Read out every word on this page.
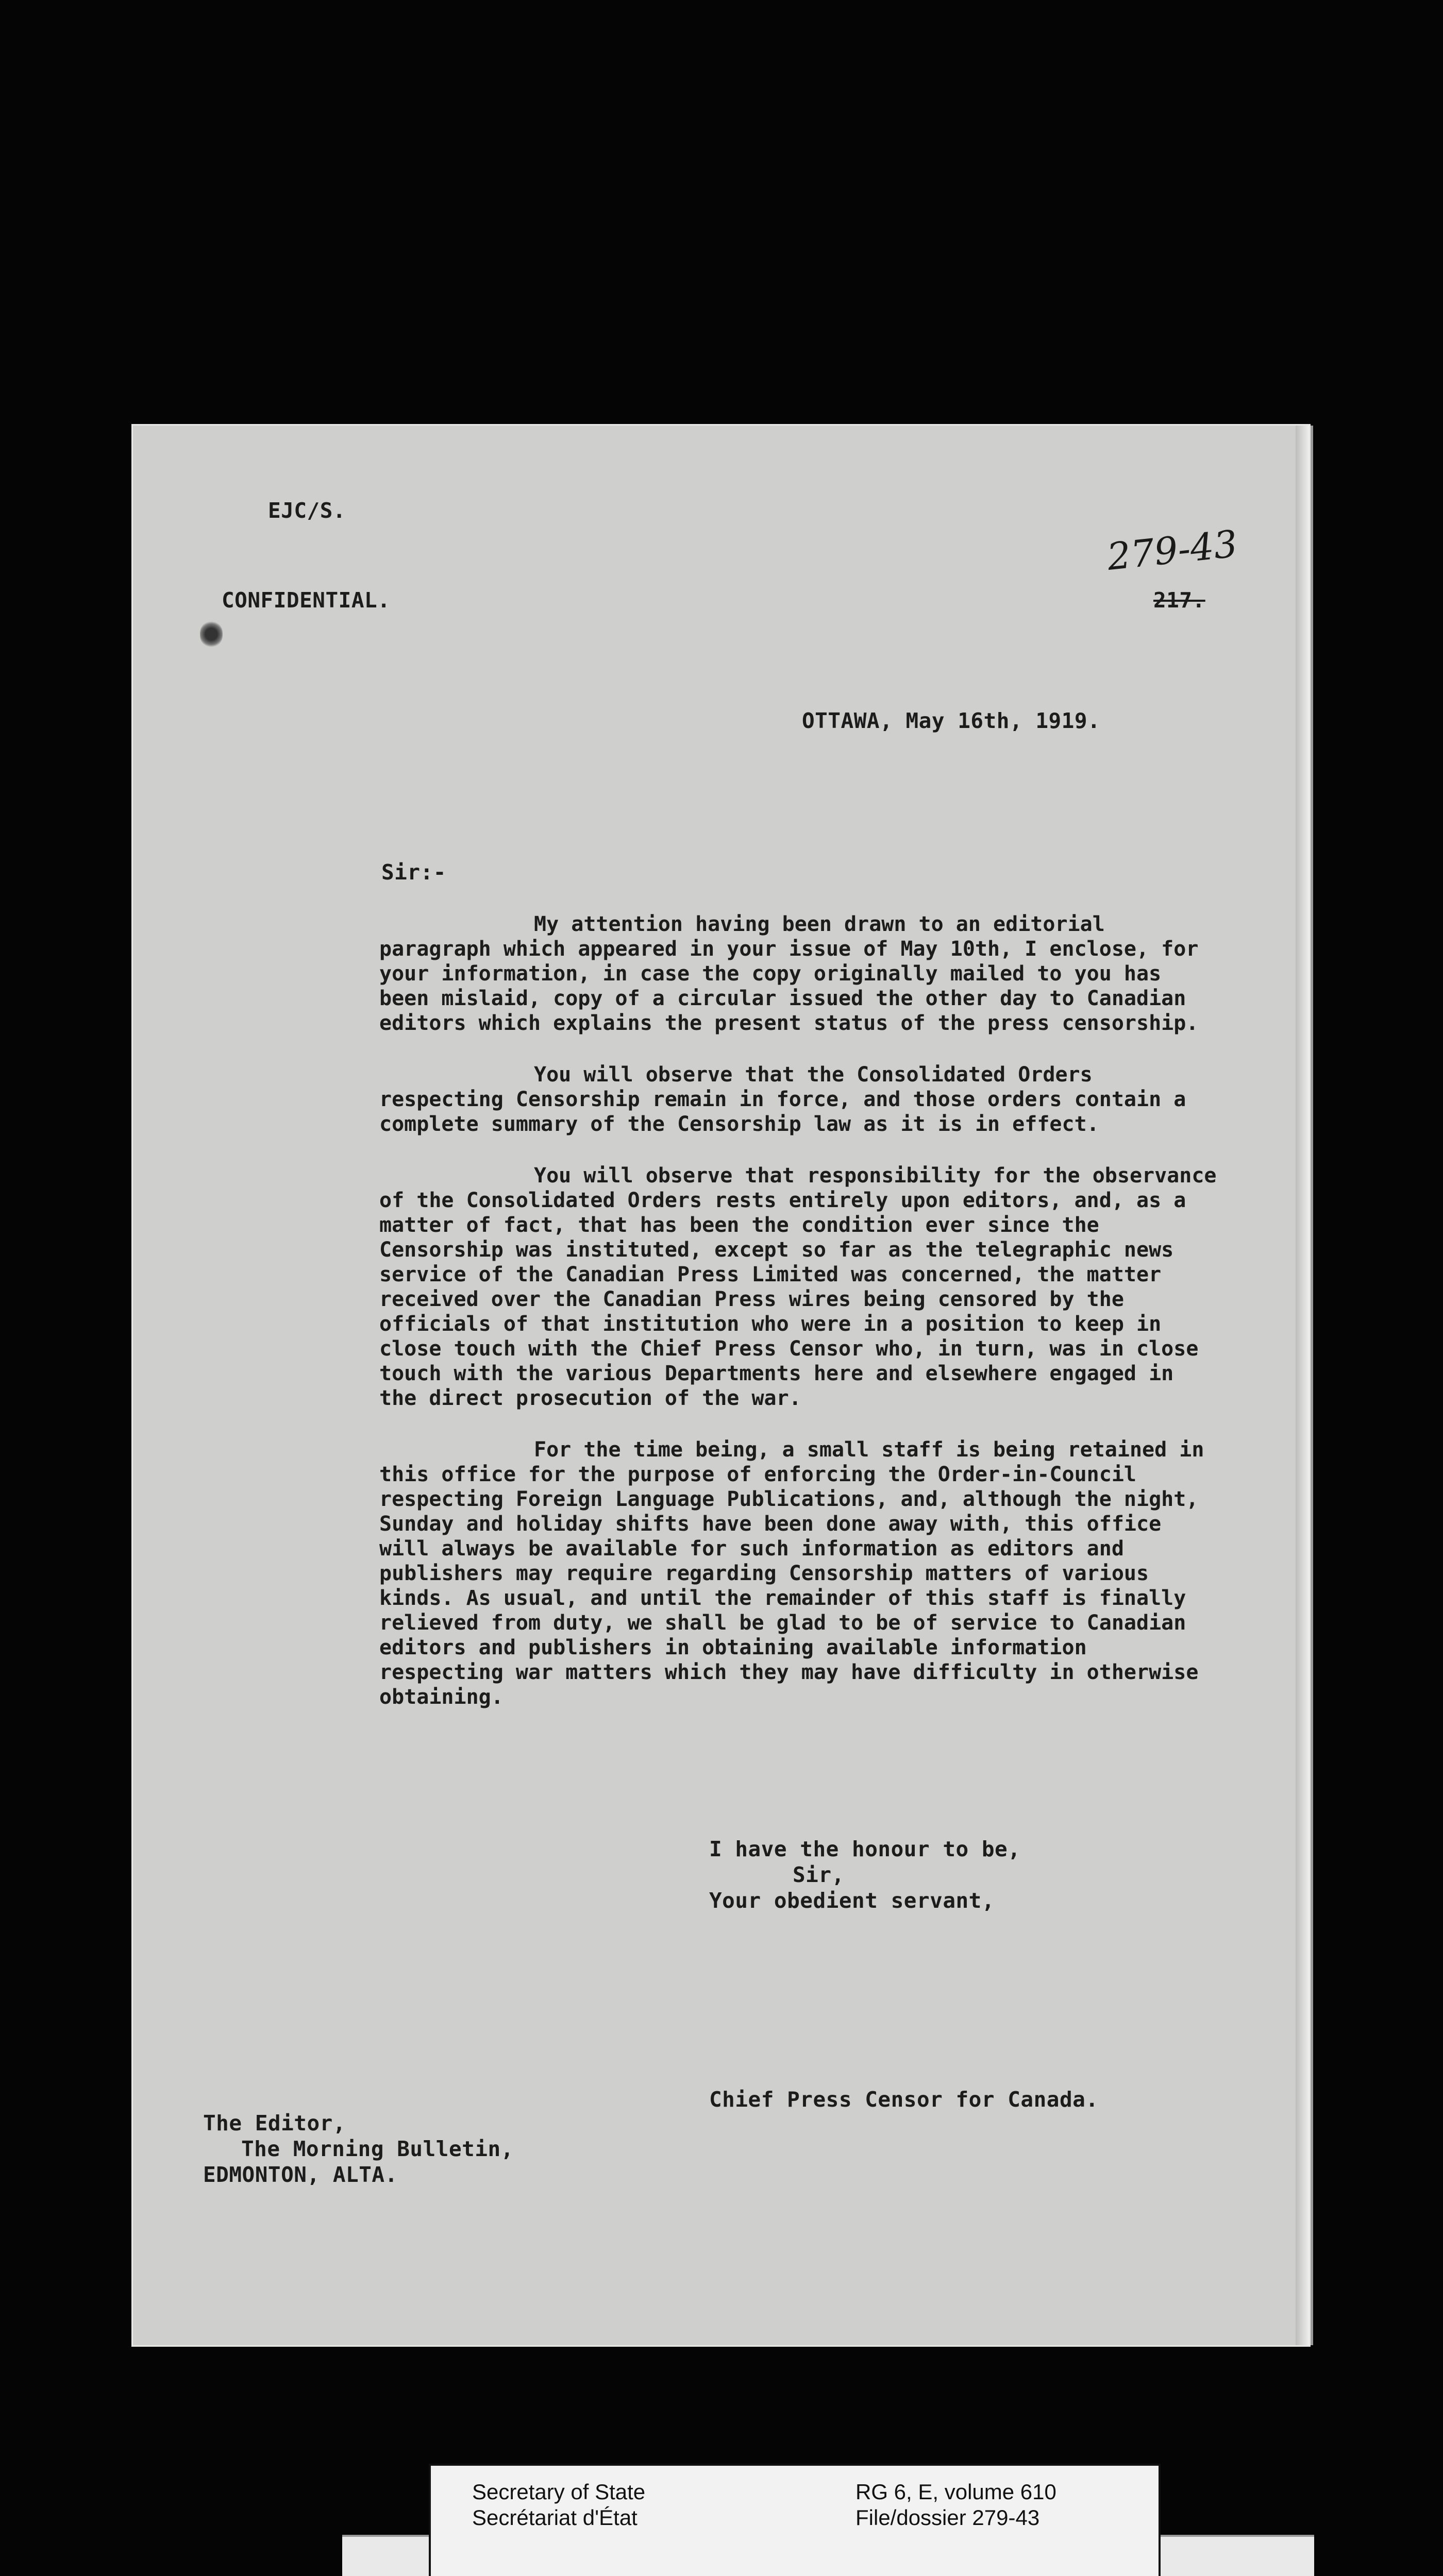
EJC/S.
279-43
CONFIDENTIAL.	217.
OTTAWA, May 16th, 1919.
Sir:-

My attention having been drawn to an editorial paragraph which appeared in your issue of May 10th, I enclose, for your information, in case the copy originally mailed to you has been mislaid, copy of a circular issued the other day to Canadian editors which explains the present status of the press censorship.

You will observe that the Consolidated Orders respecting Censorship remain in force, and those orders contain a complete summary of the Censorship law as it is in effect.

You will observe that responsibility for the observance of the Consolidated Orders rests entirely upon editors, and, as a matter of fact, that has been the condition ever since the Censorship was instituted, except so far as the telegraphic news service of the Canadian Press Limited was concerned, the matter received over the Canadian Press wires being censored by the officials of that institution who were in a position to keep in close touch with the Chief Press Censor who, in turn, was in close touch with the various Departments here and elsewhere engaged in the direct prosecution of the war.

For the time being, a small staff is being retained in this office for the purpose of enforcing the Order-in-Council respecting Foreign Language Publications, and, although the night, Sunday and holiday shifts have been done away with, this office will always be available for such information as editors and publishers may require regarding Censorship matters of various kinds. As usual, and until the remainder of this staff is finally relieved from duty, we shall be glad to be of service to Canadian editors and publishers in obtaining available information respecting war matters which they may have difficulty in otherwise obtaining.

I have the honour to be,
Sir,
Your obedient servant,
Chief Press Censor for Canada.
The Editor,
The Morning Bulletin,
EDMONTON, ALTA.
Secretary of State
Secrétariat d'État
RG 6, E, volume 610
File/dossier 279-43
